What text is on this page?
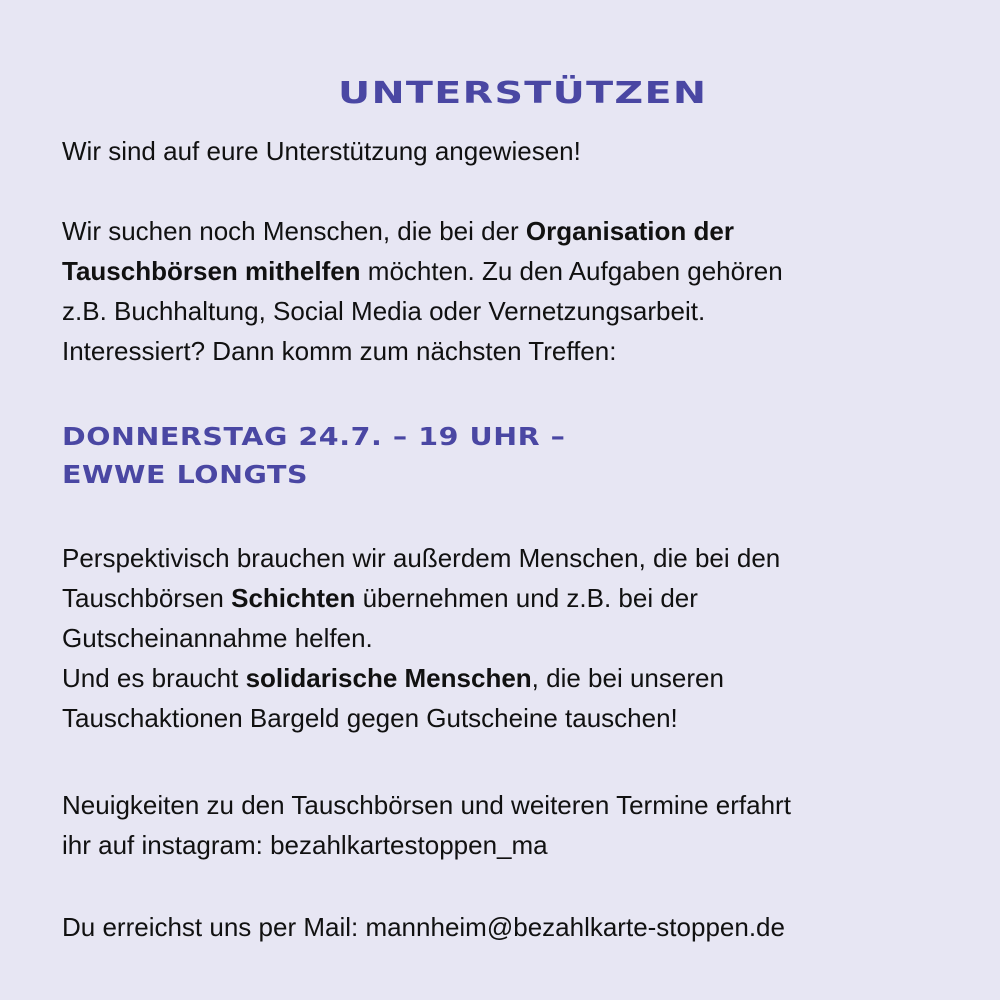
UNTERSTÜTZEN

Wir sind auf eure Unterstützung angewiesen!

Wir suchen noch Menschen, die bei der Organisation der

Tauschbörsen mithelfen möchten. Zu den Aufgaben gehören

z.B. Buchhaltung, Social Media oder Vernetzungsarbeit.

Interessiert? Dann komm zum nächsten Treffen:

DONNERSTAG 24.7. – 19 UHR –
EWWE LONGTS

Perspektivisch brauchen wir außerdem Menschen, die bei den

Tauschbörsen Schichten übernehmen und z.B. bei der

Gutscheinannahme helfen.

Und es braucht solidarische Menschen, die bei unseren

Tauschaktionen Bargeld gegen Gutscheine tauschen!

Neuigkeiten zu den Tauschbörsen und weiteren Termine erfahrt

ihr auf instagram: bezahlkartestoppen_ma

Du erreichst uns per Mail: mannheim@bezahlkarte-stoppen.de
